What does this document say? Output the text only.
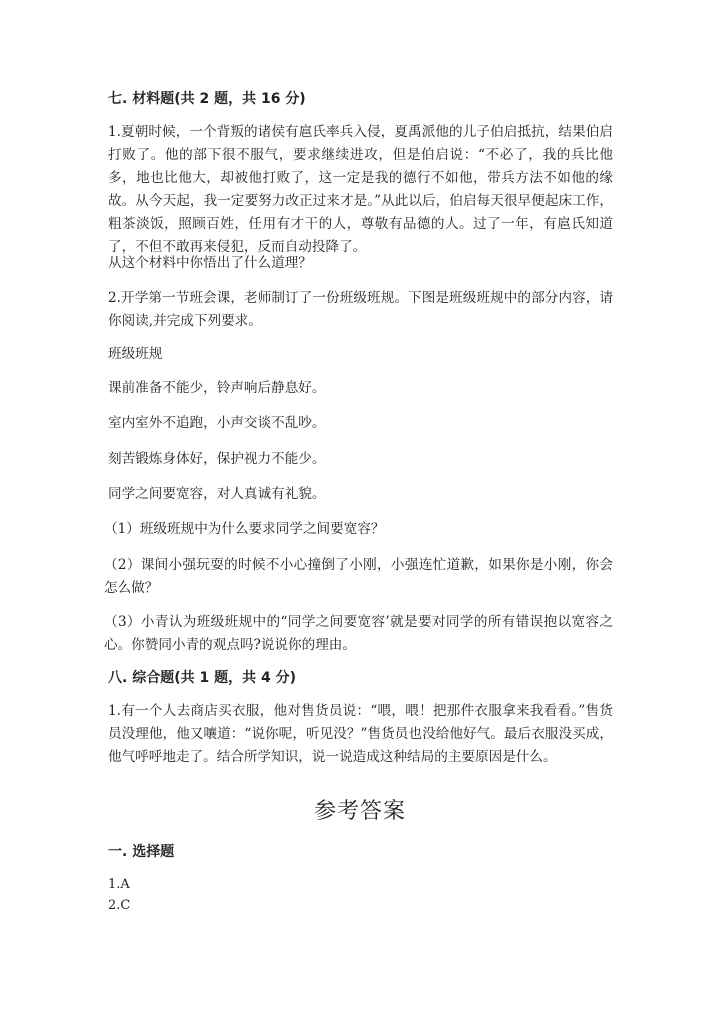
七. 材料题(共 2 题，共 16 分)
1.夏朝时候，一个背叛的诸侯有扈氏率兵入侵，夏禹派他的儿子伯启抵抗，结果伯启打败了。他的部下很不服气，要求继续进攻，但是伯启说：“不必了，我的兵比他多，地也比他大，却被他打败了，这一定是我的德行不如他，带兵方法不如他的缘故。从今天起，我一定要努力改正过来才是。”从此以后，伯启每天很早便起床工作，粗茶淡饭，照顾百姓，任用有才干的人，尊敬有品德的人。过了一年，有扈氏知道了，不但不敢再来侵犯，反而自动投降了。
从这个材料中你悟出了什么道理？
2.开学第一节班会课，老师制订了一份班级班规。下图是班级班规中的部分内容，请你阅读,并完成下列要求。
班级班规
课前准备不能少，铃声响后静息好。
室内室外不追跑，小声交谈不乱吵。
刻苦锻炼身体好，保护视力不能少。
同学之间要宽容，对人真诚有礼貌。
（1）班级班规中为什么要求同学之间要宽容？
（2）课间小强玩耍的时候不小心撞倒了小刚，小强连忙道歉，如果你是小刚，你会怎么做？
（3）小青认为班级班规中的“同学之间要宽容’就是要对同学的所有错误抱以宽容之心。你赞同小青的观点吗?说说你的理由。
八. 综合题(共 1 题，共 4 分)
1.有一个人去商店买衣服，他对售货员说：“喂，喂！把那件衣服拿来我看看。”售货员没理他，他又嚷道：“说你呢，听见没？”售货员也没给他好气。最后衣服没买成，他气呼呼地走了。结合所学知识，说一说造成这种结局的主要原因是什么。
参考答案
一. 选择题
1.A
2.C
